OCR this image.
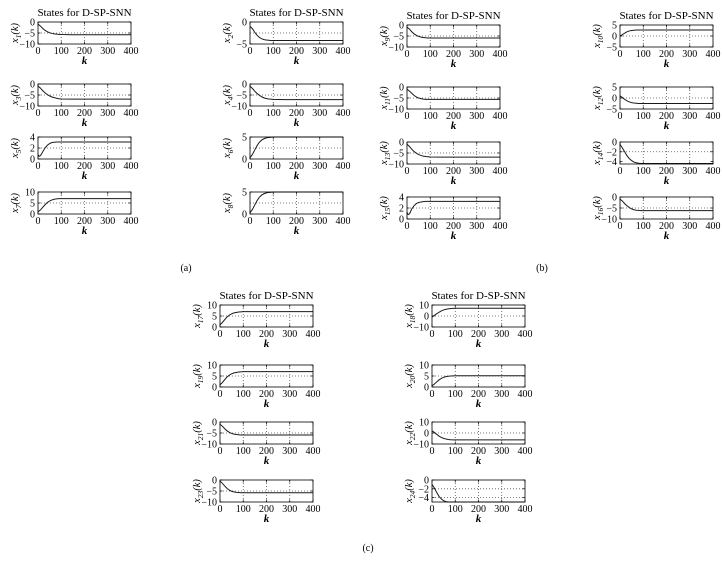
0 100 200 300 400
−10
−5
0
k
$x_1(k)$
States for D-SP-SNN
0 100 200 300 400
−5
0
k
$x_2(k)$
States for D-SP-SNN
0 100 200 300 400
−10
−5
0
k
$x_3(k)$
0 100 200 300 400
−10
−5
0
k
$x_4(k)$
0 100 200 300 400
0
2
4
k
$x_5(k)$
0 100 200 300 400
0
5
k
$x_6(k)$
0 100 200 300 400
0
5
10
k
$x_7(k)$
0 100 200 300 400
0
5
k
$x_8(k)$
0 100 200 300 400
−10
−5
0
k
$x_9(k)$
States for D-SP-SNN
0 100 200 300 400
−5
0
5
k
$x_{10}(k)$
States for D-SP-SNN
0 100 200 300 400
−10
−5
0
k
$x_{11}(k)$
0 100 200 300 400
−5
0
5
k
$x_{12}(k)$
0 100 200 300 400
−10
−5
0
k
$x_{13}(k)$
0 100 200 300 400
−4
−2
0
k
$x_{14}(k)$
0 100 200 300 400
0
2
4
k
$x_{15}(k)$
0 100 200 300 400
−10
−5
0
k
$x_{16}(k)$
0 100 200 300 400
0
5
10
k
$x_{17}(k)$
States for D-SP-SNN
0 100 200 300 400
−10
0
10
k
$x_{18}(k)$
States for D-SP-SNN
0 100 200 300 400
0
5
10
k
$x_{19}(k)$
0 100 200 300 400
0
5
10
k
$x_{20}(k)$
0 100 200 300 400
−10
−5
0
k
$x_{21}(k)$
0 100 200 300 400
−10
0
10
k
$x_{22}(k)$
0 100 200 300 400
−10
−5
0
k
$x_{23}(k)$
0 100 200 300 400
−4
−2
0
k
$x_{24}(k)$
(a)	(b)
(c)
